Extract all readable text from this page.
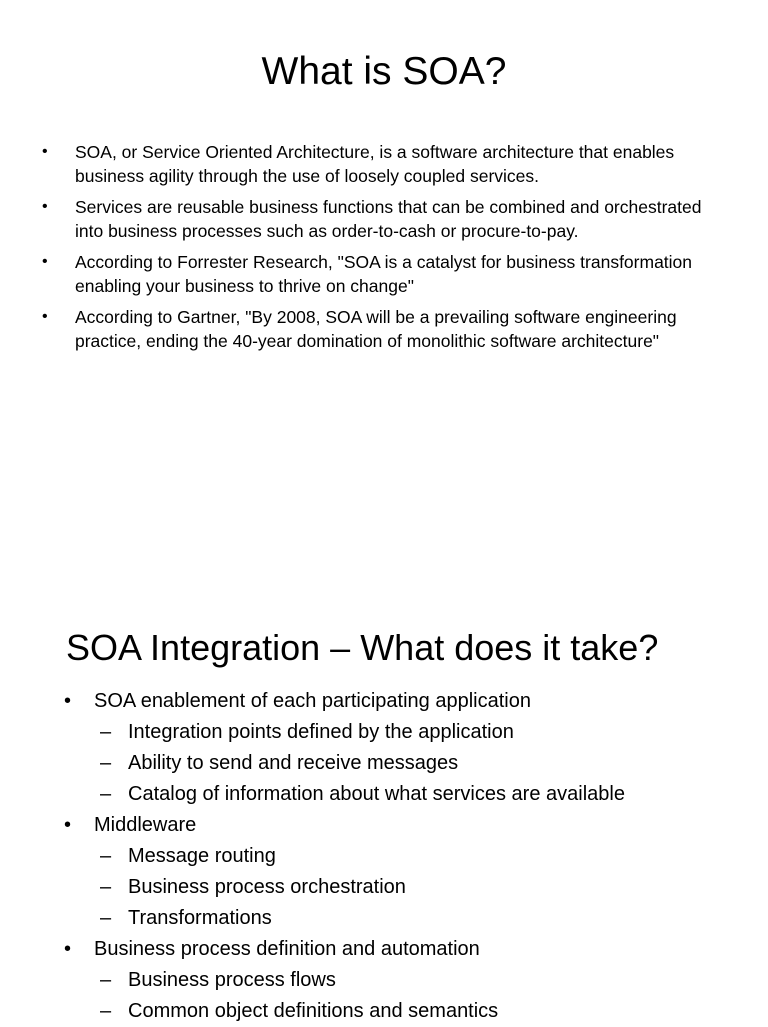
What is SOA?
• SOA, or Service Oriented Architecture, is a software architecture that enables business agility through the use of loosely coupled services.
• Services are reusable business functions that can be combined and orchestrated into business processes such as order-to-cash or procure-to-pay.
• According to Forrester Research, "SOA is a catalyst for business transformation enabling your business to thrive on change"
• According to Gartner, "By 2008, SOA will be a prevailing software engineering practice, ending the 40-year domination of monolithic software architecture"
SOA Integration – What does it take?
• SOA enablement of each participating application
– Integration points defined by the application
– Ability to send and receive messages
– Catalog of information about what services are available
• Middleware
– Message routing
– Business process orchestration
– Transformations
• Business process definition and automation
– Business process flows
– Common object definitions and semantics
